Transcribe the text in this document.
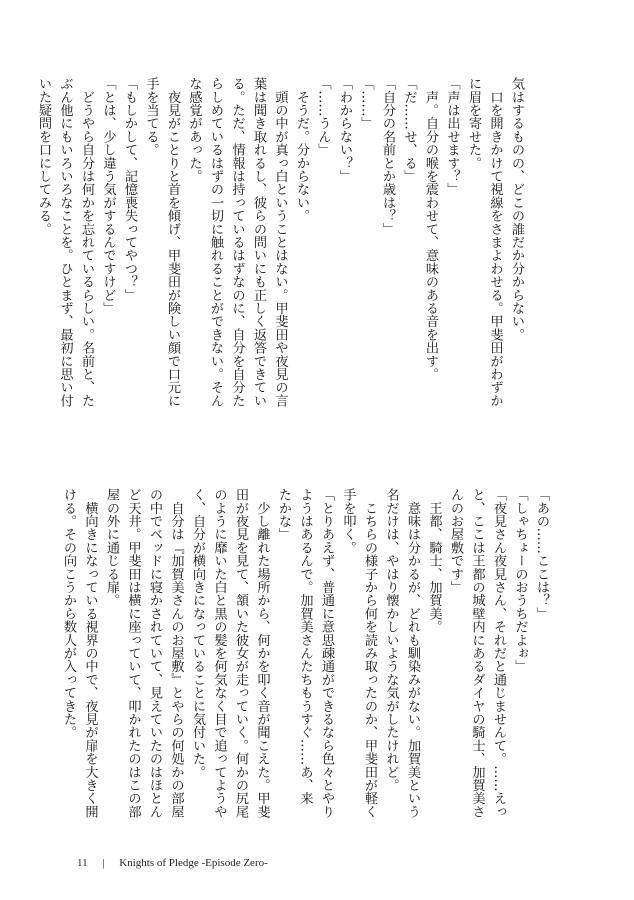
気はするものの、どこの誰だか分からない。
　口を開きかけて視線をさまよわせる。甲斐田がわずか
に眉を寄せた。
「声は出せます？」
　声。自分の喉を震わせて、意味のある音を出す。
「だ……せ、る」
「自分の名前とか歳は？」
「……」
「わからない？」
「……うん」
　そうだ。分からない。
　頭の中が真っ白ということはない。甲斐田や夜見の言
葉は聞き取れるし、彼らの問いにも正しく返答できてい
る。ただ、情報は持っているはずなのに、自分を自分た
らしめているはずの一切に触れることができない。そん
な感覚があった。
　夜見がことりと首を傾げ、甲斐田が険しい顔で口元に
手を当てる。
「もしかして、記憶喪失ってやつ？」
「とは、少し違う気がするんですけど」
　どうやら自分は何かを忘れているらしい。名前と、た
ぶん他にもいろいろなことを。ひとまず、最初に思い付
いた疑問を口にしてみる。
「あの……ここは？」
「しゃちょーのおうちだよぉ」
「夜見さん夜見さん、それだと通じませんて。……えっ
と、ここは王都の城壁内にあるダイヤの騎士、加賀美さ
んのお屋敷です」
　王都、騎士、加賀美。
　意味は分かるが、どれも馴染みがない。加賀美という
名だけは、やはり懐かしいような気がしたけれど。
　こちらの様子から何を読み取ったのか、甲斐田が軽く
手を叩く。
「とりあえず、普通に意思疎通ができるなら色々とやり
ようはあるんで。加賀美さんたちもうすぐ……あ、来
たかな」
　少し離れた場所から、何かを叩く音が聞こえた。甲斐
田が夜見を見て、頷いた彼女が走っていく。何かの尻尾
のように靡いた白と黒の髪を何気なく目で追ってようや
く、自分が横向きになっていることに気付いた。
　自分は『加賀美さんのお屋敷』とやらの何処かの部屋
の中でベッドに寝かされていて、見えていたのはほとん
ど天井。甲斐田は横に座っていて、叩かれたのはこの部
屋の外に通じる扉。
　横向きになっている視界の中で、夜見が扉を大きく開
ける。その向こうから数人が入ってきた。
11 | Knights of Pledge -Episode Zero-
